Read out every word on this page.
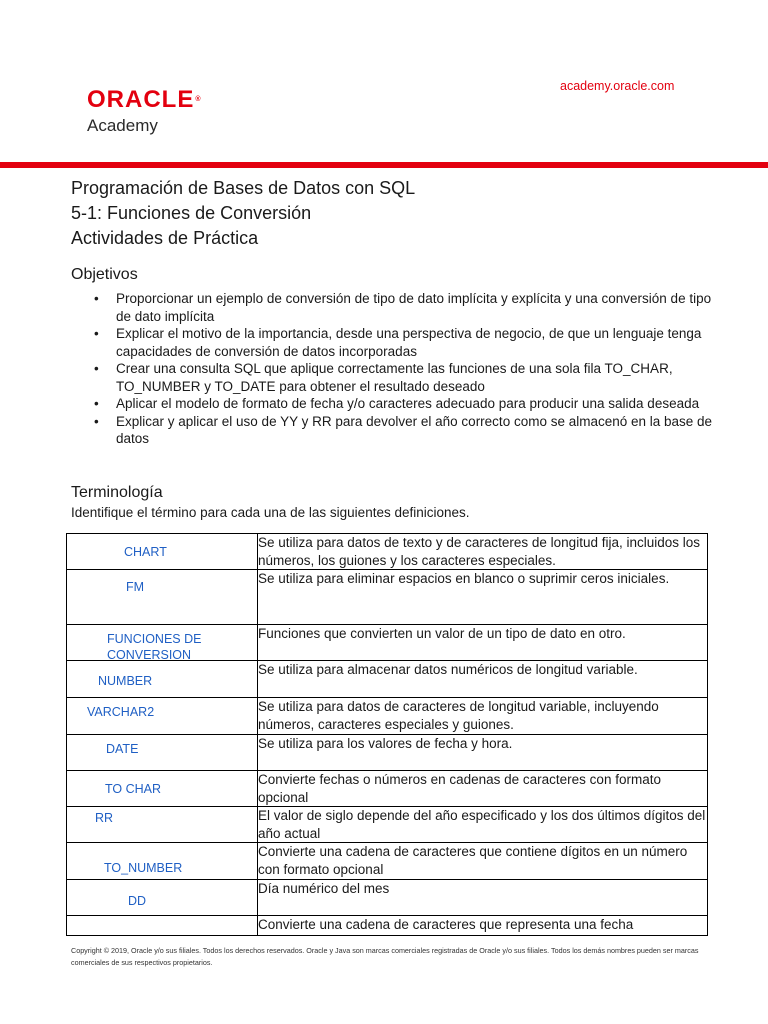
ORACLE ®
Academy
academy.oracle.com
Programación de Bases de Datos con SQL
5-1: Funciones de Conversión
Actividades de Práctica
Objetivos
• Proporcionar un ejemplo de conversión de tipo de dato implícita y explícita y una conversión de tipo de dato implícita
• Explicar el motivo de la importancia, desde una perspectiva de negocio, de que un lenguaje tenga capacidades de conversión de datos incorporadas
• Crear una consulta SQL que aplique correctamente las funciones de una sola fila TO_CHAR, TO_NUMBER y TO_DATE para obtener el resultado deseado
• Aplicar el modelo de formato de fecha y/o caracteres adecuado para producir una salida deseada
• Explicar y aplicar el uso de YY y RR para devolver el año correcto como se almacenó en la base de datos
Terminología
Identifique el término para cada una de las siguientes definiciones.
CHART	Se utiliza para datos de texto y de caracteres de longitud fija, incluidos los números, los guiones y los caracteres especiales.

FM	Se utiliza para eliminar espacios en blanco o suprimir ceros iniciales.

FUNCIONES DE CONVERSION	Funciones que convierten un valor de un tipo de dato en otro.

NUMBER	Se utiliza para almacenar datos numéricos de longitud variable.

VARCHAR2	Se utiliza para datos de caracteres de longitud variable, incluyendo números, caracteres especiales y guiones.

DATE	Se utiliza para los valores de fecha y hora.

TO CHAR	Convierte fechas o números en cadenas de caracteres con formato opcional

RR	El valor de siglo depende del año especificado y los dos últimos dígitos del año actual

TO_NUMBER	Convierte una cadena de caracteres que contiene dígitos en un número con formato opcional

DD	Día numérico del mes

	Convierte una cadena de caracteres que representa una fecha
Copyright © 2019, Oracle y/o sus filiales. Todos los derechos reservados. Oracle y Java son marcas comerciales registradas de Oracle y/o sus filiales. Todos los demás nombres pueden ser marcas comerciales de sus respectivos propietarios.
